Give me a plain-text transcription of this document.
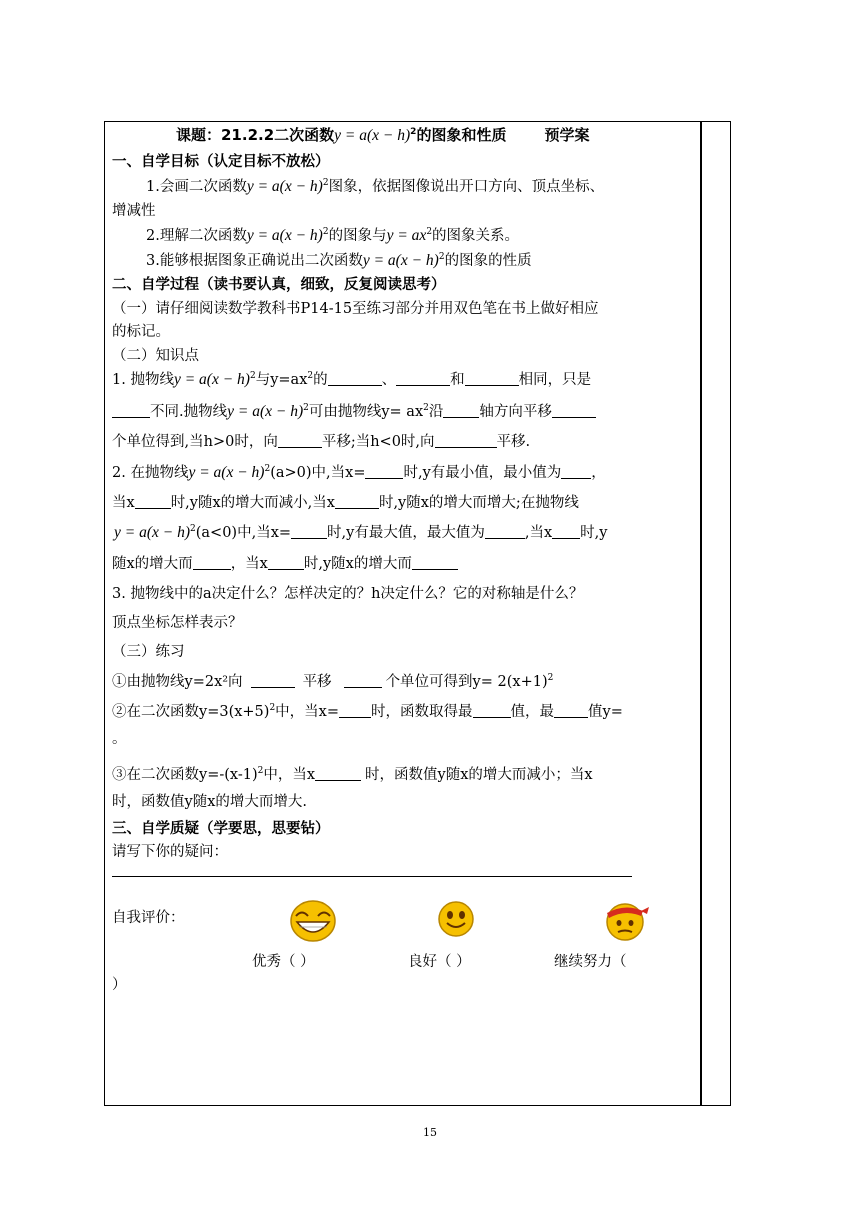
课题：21.2.2二次函数$y = a(x - h)^2$的图象和性质	预学案
一、自学目标（认定目标不放松）
1.会画二次函数$y = a(x - h)^2$图象，依据图像说出开口方向、顶点坐标、
增减性
2.理解二次函数$y = a(x - h)^2$的图象与$y = ax^2$的图象关系。
3.能够根据图象正确说出二次函数$y = a(x - h)^2$的图象的性质
二、自学过程（读书要认真，细致，反复阅读思考）
（一）请仔细阅读数学教科书P14-15至练习部分并用双色笔在书上做好相应
的标记。
（二）知识点
1. 抛物线$y = a(x - h)^2$与$y=ax^2$的	、	和	相同，只是
不同.抛物线$y = a(x - h)^2$可由抛物线$y= ax^2$沿 轴方向平移
个单位得到,当h>0时，向	平移;当h<0时,向	平移.
2. 在抛物线$y = a(x - h)^2(a>0)$中,当x=	时,y有最小值，最小值为 ，
当x 时,y随x的增大而减小,当x	时,y随x的增大而增大;在抛物线
$y = a(x - h)^2(a<0)$中,当x= 时,y有最大值，最大值为	,当x 时,y
随x的增大而	，当x 时,y随x的增大而
3. 抛物线中的a决定什么？怎样决定的？h决定什么？它的对称轴是什么？
顶点坐标怎样表示？
（三）练习
①由抛物线y=2x²向	平移	个单位可得到$y= 2(x+1)^2$
②在二次函数$y=3(x+5)^2$中，当x= 时，函数取得最	值，最 值y=
。
③在二次函数$y=-(x-1)^2$中，当x	时，函数值y随x的增大而减小；当x
时，函数值y随x的增大而增大.
三、自学质疑（学要思，思要钻）
请写下你的疑问：
自我评价：
优秀（ ）	良好（ ）	继续努力（
）
15
